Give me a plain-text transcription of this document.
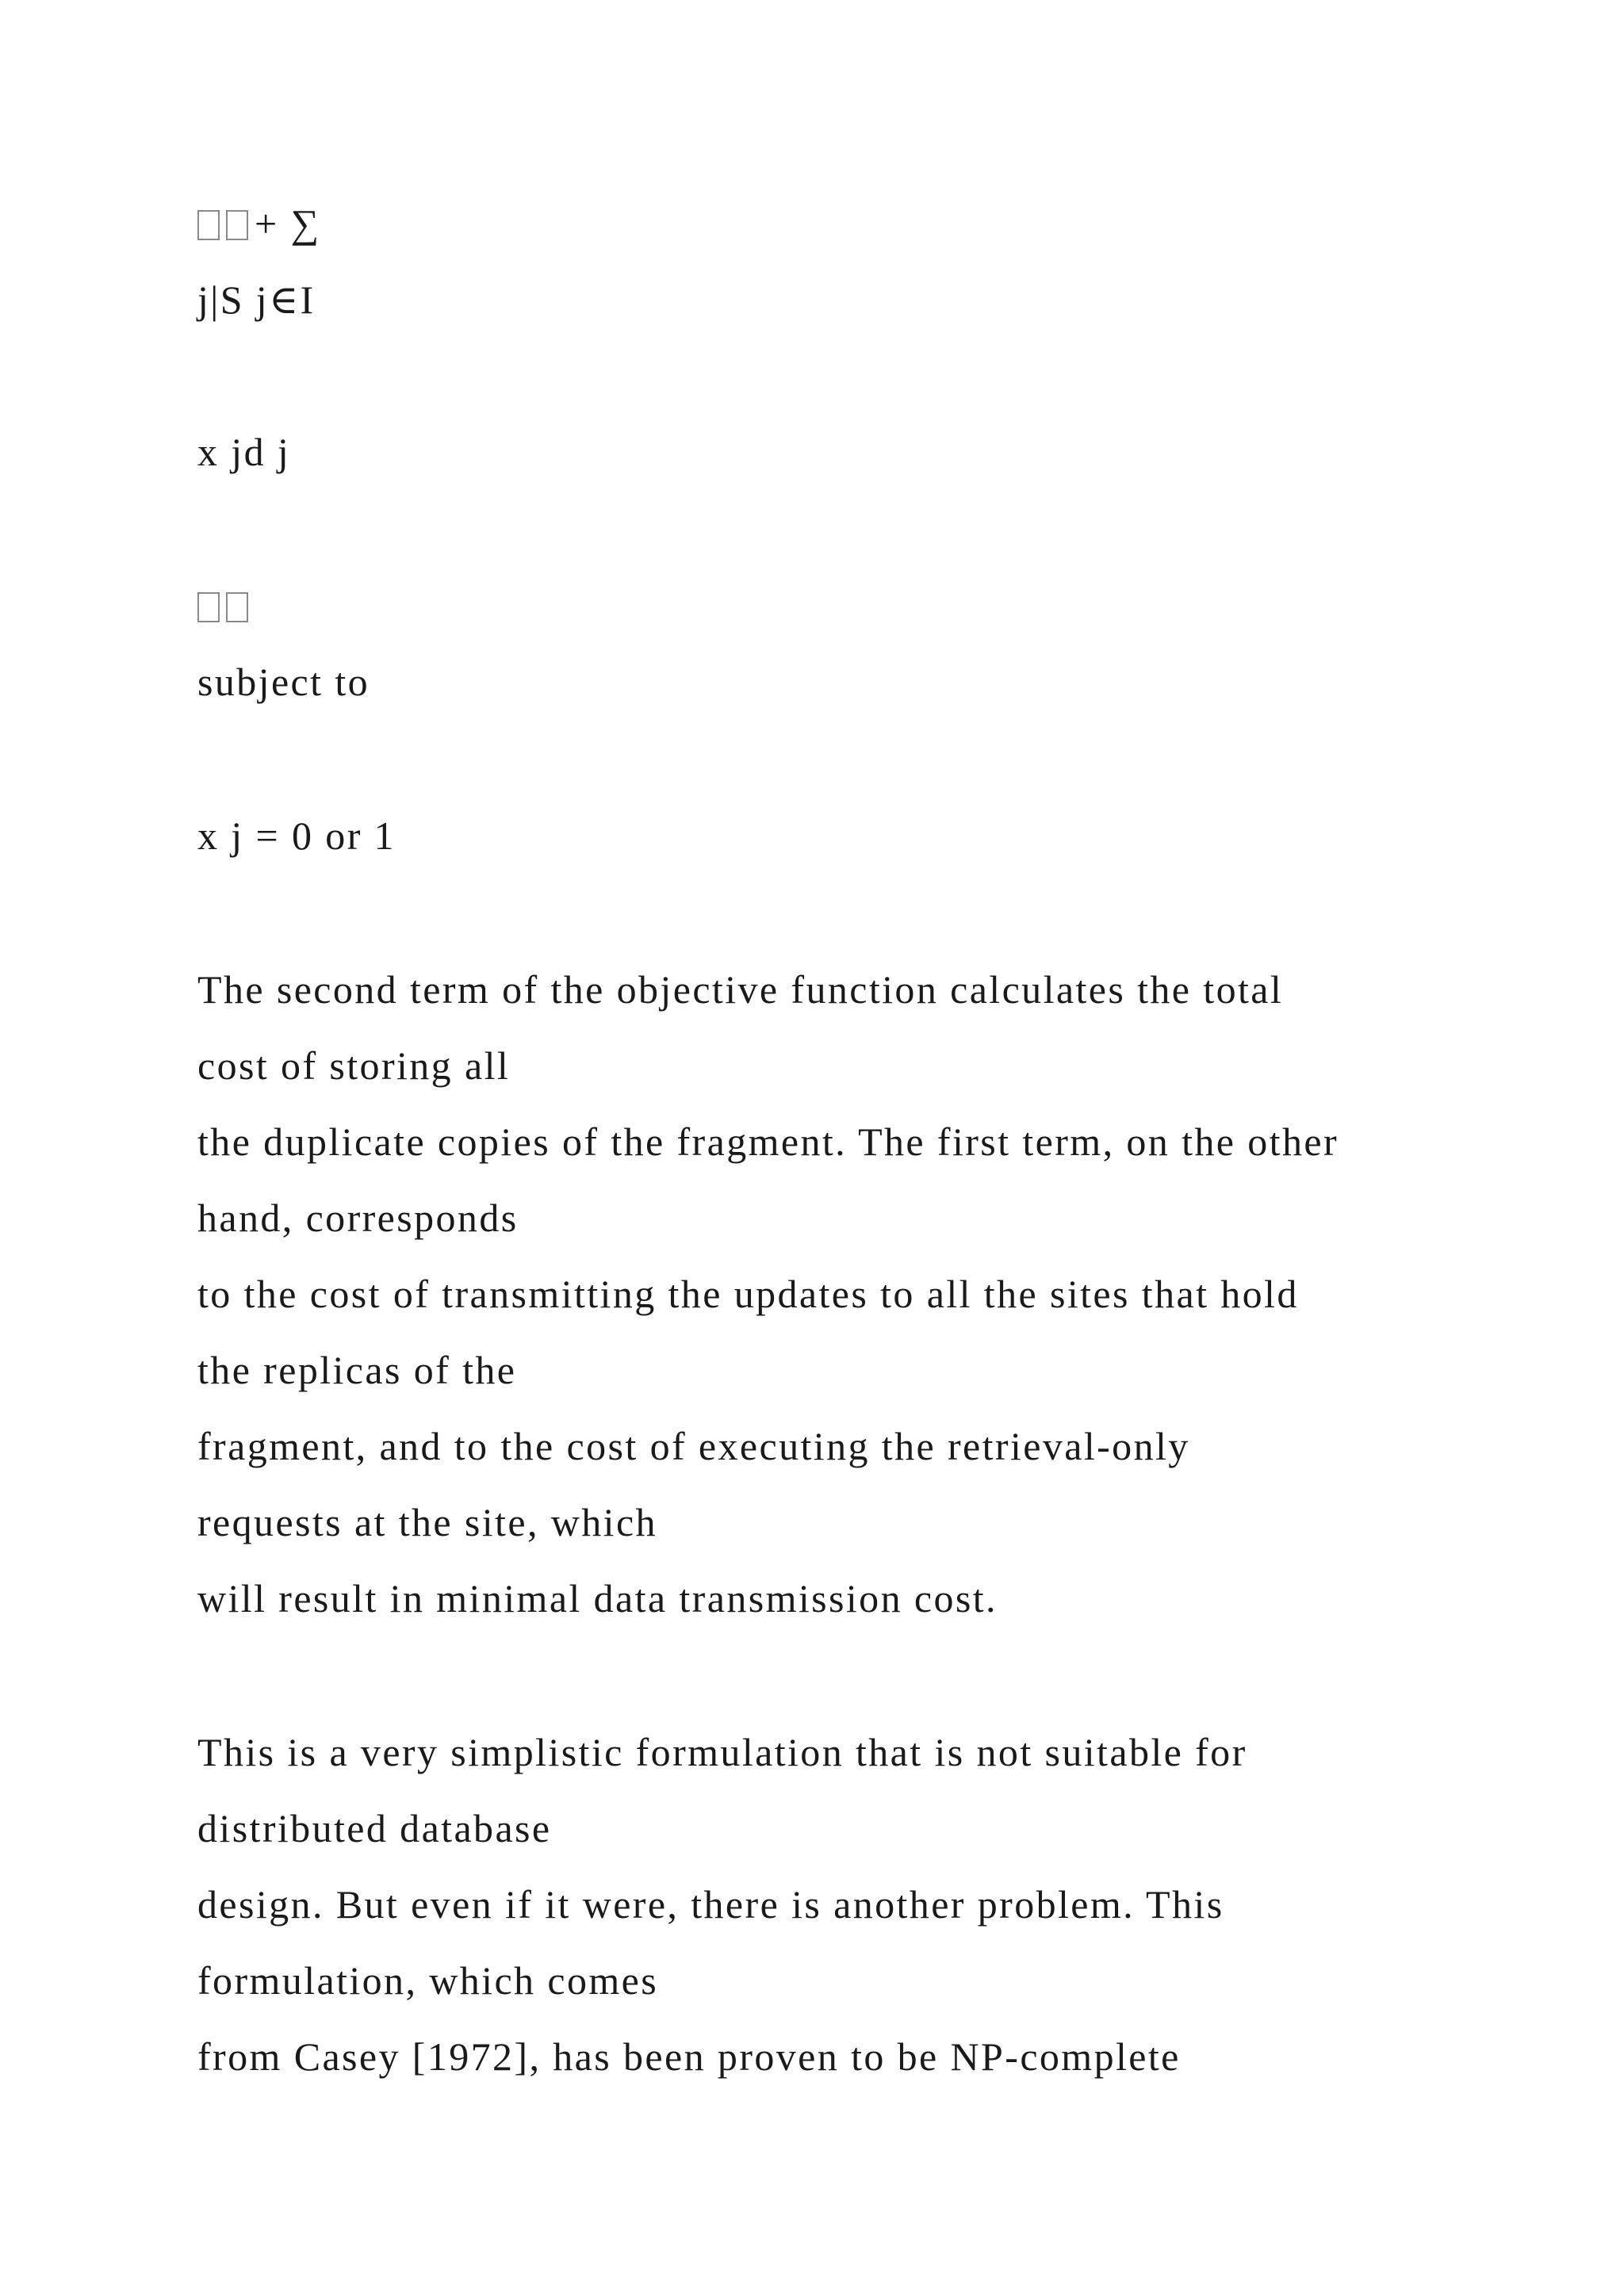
+ ∑
j|S j∈I
x jd j
subject to
x j = 0 or 1
The second term of the objective function calculates the total
cost of storing all
the duplicate copies of the fragment. The first term, on the other
hand, corresponds
to the cost of transmitting the updates to all the sites that hold
the replicas of the
fragment, and to the cost of executing the retrieval-only
requests at the site, which
will result in minimal data transmission cost.
This is a very simplistic formulation that is not suitable for
distributed database
design. But even if it were, there is another problem. This
formulation, which comes
from Casey [1972], has been proven to be NP-complete
